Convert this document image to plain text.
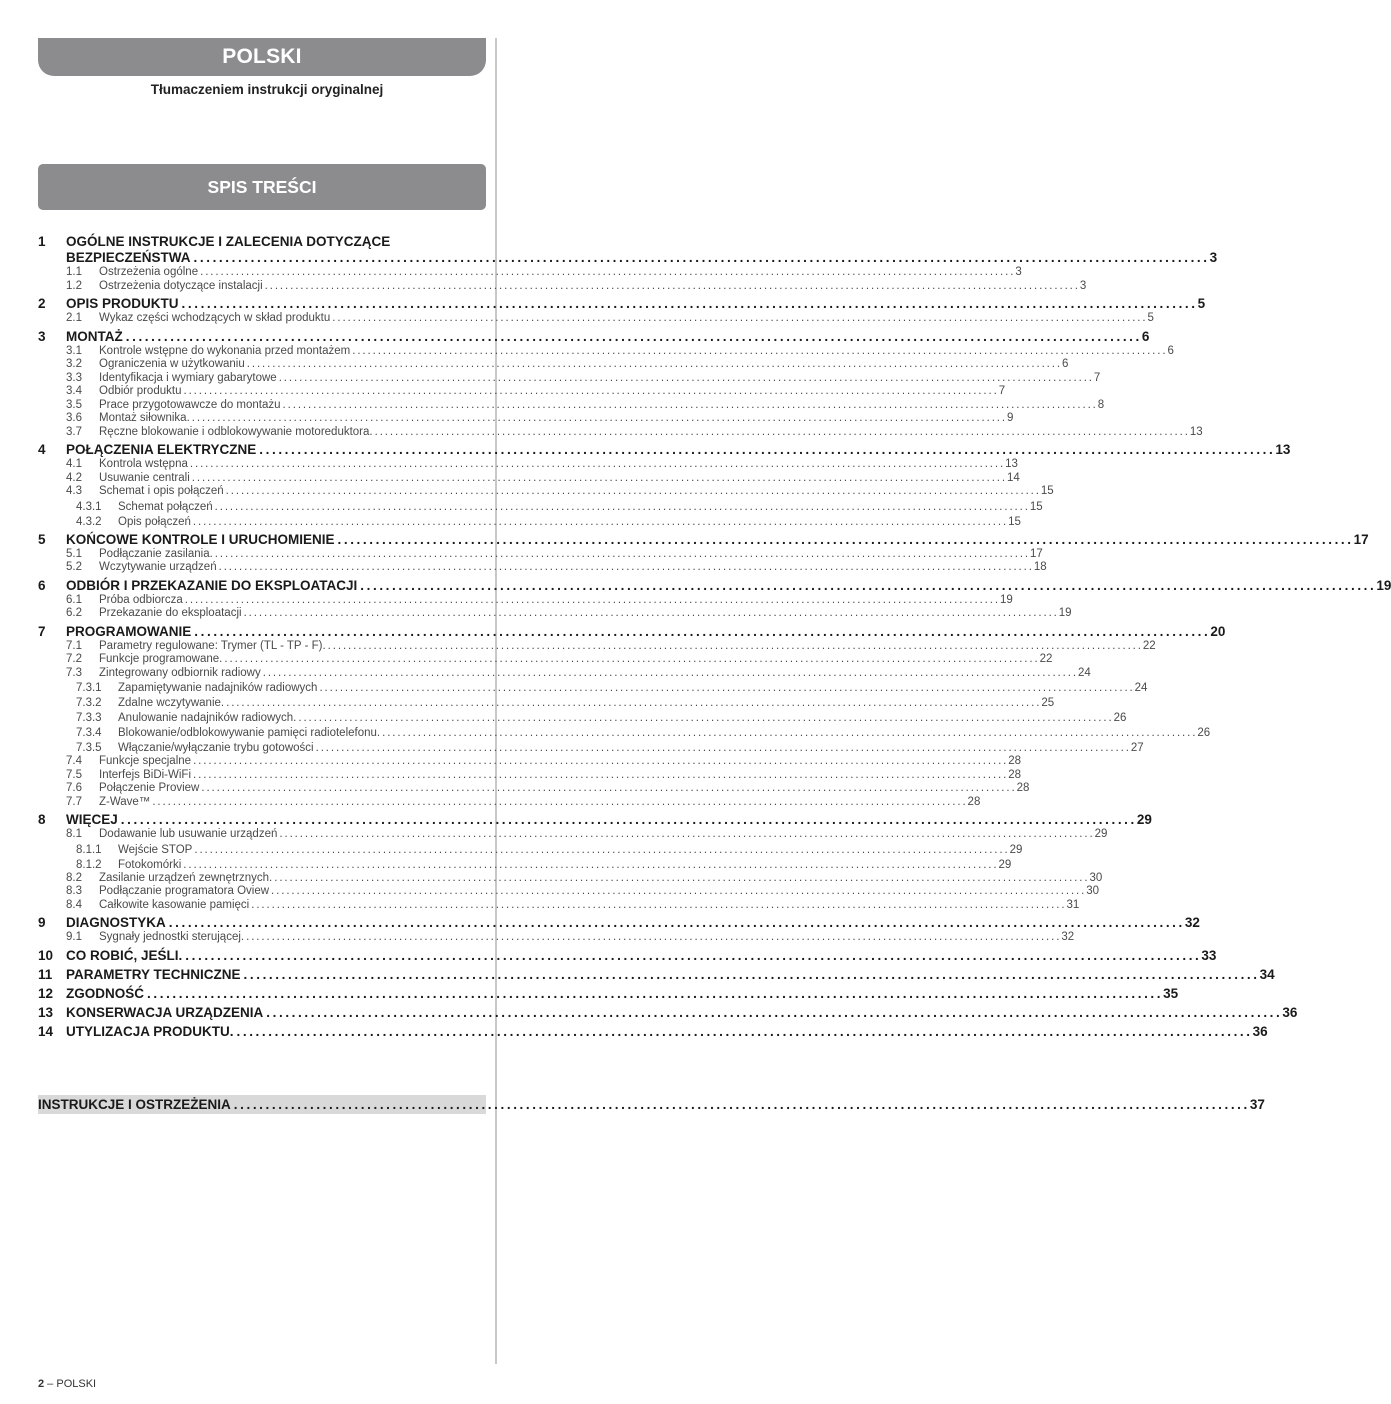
POLSKI
Tłumaczeniem instrukcji oryginalnej
SPIS TREŚCI
1	OGÓLNE INSTRUKCJE I ZALECENIA DOTYCZĄCE
BEZPIECZEŃSTWA ................................................................................................................................................................ 3
1.1	Ostrzeżenia ogólne ................................................................................................................................................................ 3
1.2	Ostrzeżenia dotyczące instalacji ................................................................................................................................................................ 3
2	OPIS PRODUKTU ................................................................................................................................................................ 5
2.1	Wykaz części wchodzących w skład produktu ................................................................................................................................................................ 5
3	MONTAŻ ................................................................................................................................................................ 6
3.1	Kontrole wstępne do wykonania przed montażem ................................................................................................................................................................ 6
3.2	Ograniczenia w użytkowaniu ................................................................................................................................................................ 6
3.3	Identyfikacja i wymiary gabarytowe ................................................................................................................................................................ 7
3.4	Odbiór produktu ................................................................................................................................................................ 7
3.5	Prace przygotowawcze do montażu ................................................................................................................................................................ 8
3.6	Montaż siłownika. ................................................................................................................................................................ 9
3.7	Ręczne blokowanie i odblokowywanie motoreduktora. ................................................................................................................................................................ 13
4	POŁĄCZENIA ELEKTRYCZNE ................................................................................................................................................................ 13
4.1	Kontrola wstępna ................................................................................................................................................................ 13
4.2	Usuwanie centrali ................................................................................................................................................................ 14
4.3	Schemat i opis połączeń ................................................................................................................................................................ 15
4.3.1	Schemat połączeń ................................................................................................................................................................ 15
4.3.2	Opis połączeń ................................................................................................................................................................ 15
5	KOŃCOWE KONTROLE I URUCHOMIENIE ................................................................................................................................................................ 17
5.1	Podłączanie zasilania. ................................................................................................................................................................ 17
5.2	Wczytywanie urządzeń ................................................................................................................................................................ 18
6	ODBIÓR I PRZEKAZANIE DO EKSPLOATACJI ................................................................................................................................................................ 19
6.1	Próba odbiorcza ................................................................................................................................................................ 19
6.2	Przekazanie do eksploatacji ................................................................................................................................................................ 19
7	PROGRAMOWANIE ................................................................................................................................................................ 20
7.1	Parametry regulowane: Trymer (TL - TP - F). ................................................................................................................................................................ 22
7.2	Funkcje programowane. ................................................................................................................................................................ 22
7.3	Zintegrowany odbiornik radiowy ................................................................................................................................................................ 24
7.3.1	Zapamiętywanie nadajników radiowych ................................................................................................................................................................ 24
7.3.2	Zdalne wczytywanie. ................................................................................................................................................................ 25
7.3.3	Anulowanie nadajników radiowych. ................................................................................................................................................................ 26
7.3.4	Blokowanie/odblokowywanie pamięci radiotelefonu. ................................................................................................................................................................ 26
7.3.5	Włączanie/wyłączanie trybu gotowości ................................................................................................................................................................ 27
7.4	Funkcje specjalne ................................................................................................................................................................ 28
7.5	Interfejs BiDi-WiFi ................................................................................................................................................................ 28
7.6	Połączenie Proview ................................................................................................................................................................ 28
7.7	Z-Wave™ ................................................................................................................................................................ 28
8	WIĘCEJ ................................................................................................................................................................ 29
8.1	Dodawanie lub usuwanie urządzeń ................................................................................................................................................................ 29
8.1.1	Wejście STOP ................................................................................................................................................................ 29
8.1.2	Fotokomórki ................................................................................................................................................................ 29
8.2	Zasilanie urządzeń zewnętrznych. ................................................................................................................................................................ 30
8.3	Podłączanie programatora Oview ................................................................................................................................................................ 30
8.4	Całkowite kasowanie pamięci ................................................................................................................................................................ 31
9	DIAGNOSTYKA ................................................................................................................................................................ 32
9.1	Sygnały jednostki sterującej. ................................................................................................................................................................ 32
10 CO ROBIĆ, JEŚLI. ................................................................................................................................................................ 33
11	PARAMETRY TECHNICZNE ................................................................................................................................................................ 34
12 ZGODNOŚĆ ................................................................................................................................................................ 35
13 KONSERWACJA URZĄDZENIA ................................................................................................................................................................ 36
14 UTYLIZACJA PRODUKTU. ................................................................................................................................................................ 36
INSTRUKCJE I OSTRZEŻENIA ................................................................................................................................................................ 37
2 – POLSKI
